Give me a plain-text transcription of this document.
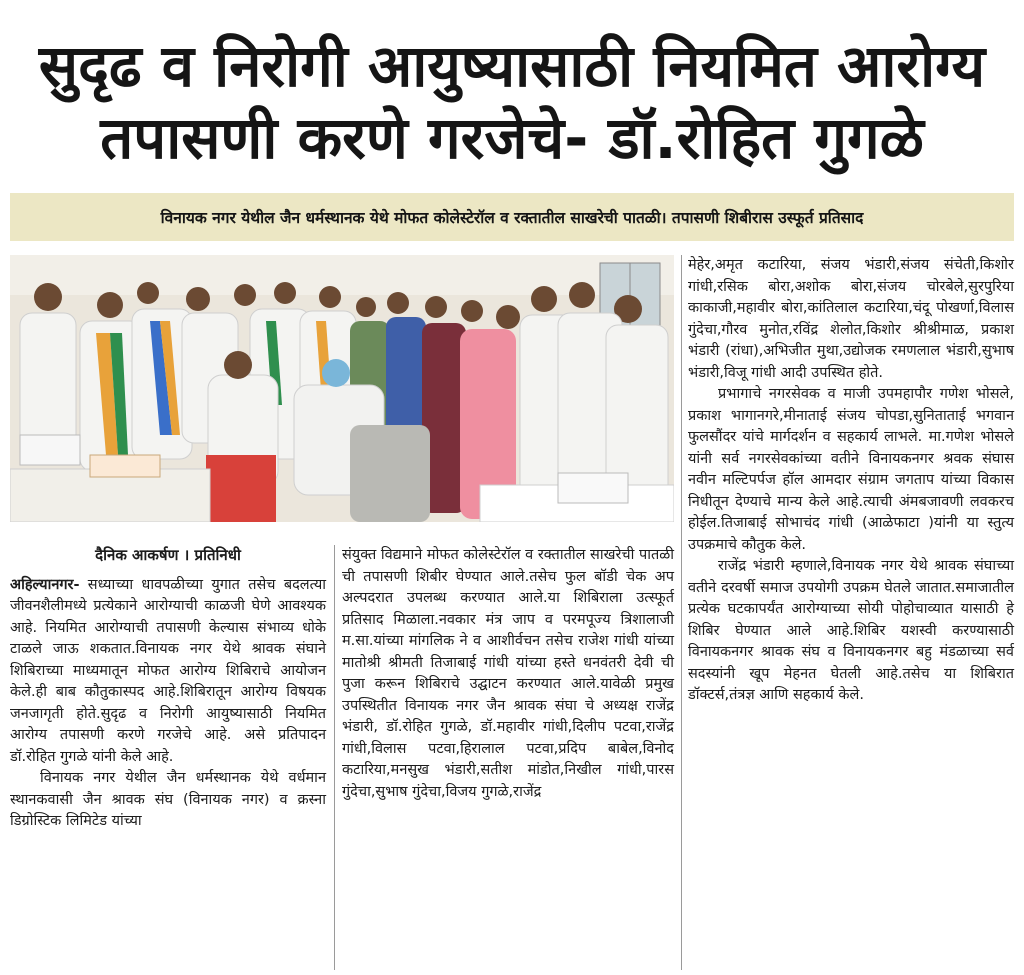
सुदृढ व निरोगी आयुष्यासाठी नियमित आरोग्य
तपासणी करणे गरजेचे- डॉ.रोहित गुगळे
विनायक नगर येथील जैन धर्मस्थानक येथे मोफत कोलेस्टेरॉल व रक्तातील साखरेची पातळी। तपासणी शिबीरास उस्फूर्त प्रतिसाद
दैनिक आकर्षण । प्रतिनिधी

अहिल्यानगर- सध्याच्या धावपळीच्या युगात तसेच बदलत्या जीवनशैलीमध्ये प्रत्येकाने आरोग्याची काळजी घेणे आवश्यक आहे. नियमित आरोग्याची तपासणी केल्यास संभाव्य धोके टाळले जाऊ शकतात.विनायक नगर येथे श्रावक संघाने शिबिराच्या माध्यमातून मोफत आरोग्य शिबिराचे आयोजन केले.ही बाब कौतुकास्पद आहे.शिबिरातून आरोग्य विषयक जनजागृती होते.सुदृढ व निरोगी आयुष्यासाठी नियमित आरोग्य तपासणी करणे गरजेचे आहे. असे प्रतिपादन डॉ.रोहित गुगळे यांनी केले आहे.

विनायक नगर येथील जैन धर्मस्थानक येथे वर्धमान स्थानकवासी जैन श्रावक संघ (विनायक नगर) व क्रस्ना डिग्रोस्टिक लिमिटेड यांच्या

संयुक्त विद्यमाने मोफत कोलेस्टेरॉल व रक्तातील साखरेची पातळी ची तपासणी शिबीर घेण्यात आले.तसेच फुल बॉडी चेक अप अल्पदरात उपलब्ध करण्यात आले.या शिबिराला उत्स्फूर्त प्रतिसाद मिळाला.नवकार मंत्र जाप व परमपूज्य त्रिशालाजी म.सा.यांच्या मांगलिक ने व आशीर्वचन तसेच राजेश गांधी यांच्या मातोश्री श्रीमती तिजाबाई गांधी यांच्या हस्ते धनवंतरी देवी ची पुजा करून शिबिराचे उद्घाटन करण्यात आले.यावेळी प्रमुख उपस्थितीत विनायक नगर जैन श्रावक संघा चे अध्यक्ष राजेंद्र भंडारी, डॉ.रोहित गुगळे, डॉ.महावीर गांधी,दिलीप पटवा,राजेंद्र गांधी,विलास पटवा,हिरालाल पटवा,प्रदिप बाबेल,विनोद कटारिया,मनसुख भंडारी,सतीश मांडोत,निखील गांधी,पारस गुंदेचा,सुभाष गुंदेचा,विजय गुगळे,राजेंद्र

मेहेर,अमृत कटारिया, संजय भंडारी,संजय संचेती,किशोर गांधी,रसिक बोरा,अशोक बोरा,संजय चोरबेले,सुरपुरिया काकाजी,महावीर बोरा,कांतिलाल कटारिया,चंदू पोखर्णा,विलास गुंदेचा,गौरव मुनोत,रविंद्र शेलोत,किशोर श्रीश्रीमाळ, प्रकाश भंडारी (रांधा),अभिजीत मुथा,उद्योजक रमणलाल भंडारी,सुभाष भंडारी,विजू गांधी आदी उपस्थित होते.

प्रभागाचे नगरसेवक व माजी उपमहापौर गणेश भोसले, प्रकाश भागानगरे,मीनाताई संजय चोपडा,सुनिताताई भगवान फुलसौंदर यांचे मार्गदर्शन व सहकार्य लाभले. मा.गणेश भोसले यांनी सर्व नगरसेवकांच्या वतीने विनायकनगर श्रवक संघास नवीन मल्टिपर्पज हॉल आमदार संग्राम जगताप यांच्या विकास निधीतून देण्याचे मान्य केले आहे.त्याची अंमबजावणी लवकरच होईल.तिजाबाई सोभाचंद गांधी (आळेफाटा )यांनी या स्तुत्य उपक्रमाचे कौतुक केले.

राजेंद्र भंडारी म्हणाले,विनायक नगर येथे श्रावक संघाच्या वतीने दरवर्षी समाज उपयोगी उपक्रम घेतले जातात.समाजातील प्रत्येक घटकापर्यंत आरोग्याच्या सोयी पोहोचाव्यात यासाठी हे शिबिर घेण्यात आले आहे.शिबिर यशस्वी करण्यासाठी विनायकनगर श्रावक संघ व विनायकनगर बहु मंडळाच्या सर्व सदस्यांनी खूप मेहनत घेतली आहे.तसेच या शिबिरात डॉक्टर्स,तंत्रज्ञ आणि सहकार्य केले.
